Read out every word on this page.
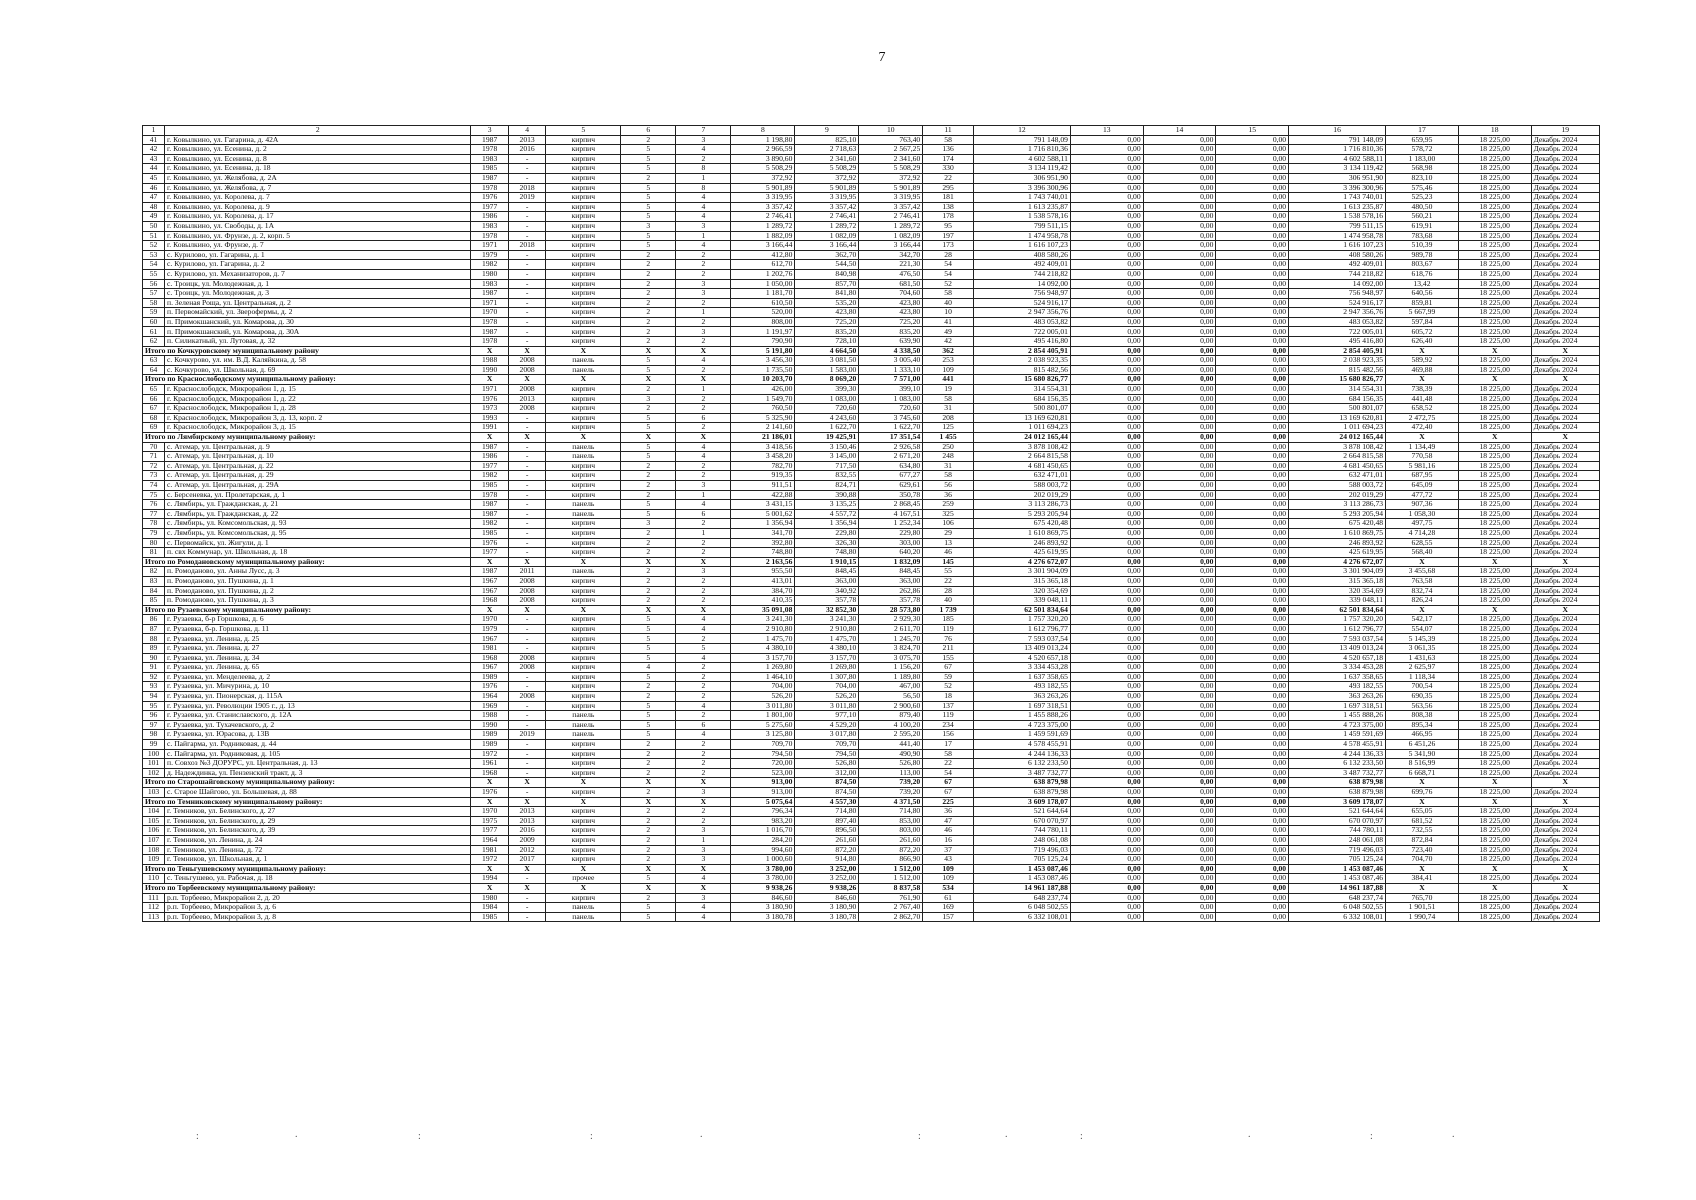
7
1	2	3	4	5	6	7	8	9	10	11	12	13	14	15	16	17	18	19
41	г. Ковылкино, ул. Гагарина, д. 42А	1987	2013	кирпич	2	3	1 198,80	825,10	763,40	58	791 148,09	0,00	0,00	0,00	791 148,09	659,95	18 225,00	Декабрь 2024
42	г. Ковылкино, ул. Есенина, д. 2	1978	2016	кирпич	5	4	2 966,59	2 718,63	2 567,25	136	1 716 810,36	0,00	0,00	0,00	1 716 810,36	578,72	18 225,00	Декабрь 2024
43	г. Ковылкино, ул. Есенина, д. 8	1983	-	кирпич	5	2	3 890,60	2 341,60	2 341,60	174	4 602 588,11	0,00	0,00	0,00	4 602 588,11	1 183,00	18 225,00	Декабрь 2024
44	г. Ковылкино, ул. Есенина, д. 18	1985	-	кирпич	5	8	5 508,29	5 508,29	5 508,29	330	3 134 119,42	0,00	0,00	0,00	3 134 119,42	568,98	18 225,00	Декабрь 2024
45	г. Ковылкино, ул. Желябова, д. 2А	1987	-	кирпич	2	1	372,92	372,92	372,92	22	306 951,90	0,00	0,00	0,00	306 951,90	823,10	18 225,00	Декабрь 2024
46	г. Ковылкино, ул. Желябова, д. 7	1978	2018	кирпич	5	8	5 901,89	5 901,89	5 901,89	295	3 396 300,96	0,00	0,00	0,00	3 396 300,96	575,46	18 225,00	Декабрь 2024
47	г. Ковылкино, ул. Королева, д. 7	1976	2019	кирпич	5	4	3 319,95	3 319,95	3 319,95	181	1 743 740,01	0,00	0,00	0,00	1 743 740,01	525,23	18 225,00	Декабрь 2024
48	г. Ковылкино, ул. Королева, д. 9	1977	-	кирпич	5	4	3 357,42	3 357,42	3 357,42	138	1 613 235,87	0,00	0,00	0,00	1 613 235,87	480,50	18 225,00	Декабрь 2024
49	г. Ковылкино, ул. Королева, д. 17	1986	-	кирпич	5	4	2 746,41	2 746,41	2 746,41	178	1 538 578,16	0,00	0,00	0,00	1 538 578,16	560,21	18 225,00	Декабрь 2024
50	г. Ковылкино, ул. Свободы, д. 1А	1983	-	кирпич	3	3	1 289,72	1 289,72	1 289,72	95	799 511,15	0,00	0,00	0,00	799 511,15	619,91	18 225,00	Декабрь 2024
51	г. Ковылкино, ул. Фрунзе, д. 2, корп. 5	1978	-	кирпич	5	1	1 882,09	1 082,09	1 082,09	197	1 474 958,78	0,00	0,00	0,00	1 474 958,78	783,68	18 225,00	Декабрь 2024
52	г. Ковылкино, ул. Фрунзе, д. 7	1971	2018	кирпич	5	4	3 166,44	3 166,44	3 166,44	173	1 616 107,23	0,00	0,00	0,00	1 616 107,23	510,39	18 225,00	Декабрь 2024
53	с. Курилово, ул. Гагарина, д. 1	1979	-	кирпич	2	2	412,80	362,70	342,70	28	408 580,26	0,00	0,00	0,00	408 580,26	989,78	18 225,00	Декабрь 2024
54	с. Курилово, ул. Гагарина, д. 2	1982	-	кирпич	2	2	612,70	544,50	221,30	54	492 409,01	0,00	0,00	0,00	492 409,01	803,67	18 225,00	Декабрь 2024
55	с. Курилово, ул. Механизаторов, д. 7	1980	-	кирпич	2	2	1 202,76	840,98	476,50	54	744 218,82	0,00	0,00	0,00	744 218,82	618,76	18 225,00	Декабрь 2024
56	с. Троицк, ул. Молодежная, д. 1	1983	-	кирпич	2	3	1 050,00	857,70	681,50	52	14 092,00	0,00	0,00	0,00	14 092,00	13,42	18 225,00	Декабрь 2024
57	с. Троицк, ул. Молодежная, д. 3	1987	-	кирпич	2	3	1 181,70	841,80	704,60	58	756 948,97	0,00	0,00	0,00	756 948,97	640,56	18 225,00	Декабрь 2024
58	п. Зеленая Роща, ул. Центральная, д. 2	1971	-	кирпич	2	2	610,50	535,20	423,80	40	524 916,17	0,00	0,00	0,00	524 916,17	859,81	18 225,00	Декабрь 2024
59	п. Первомайский, ул. Зверофермы, д. 2	1970	-	кирпич	2	1	520,00	423,80	423,80	10	2 947 356,76	0,00	0,00	0,00	2 947 356,76	5 667,99	18 225,00	Декабрь 2024
60	п. Примокшанский, ул. Комарова, д. 30	1978	-	кирпич	2	2	808,00	725,20	725,20	41	483 053,82	0,00	0,00	0,00	483 053,82	597,84	18 225,00	Декабрь 2024
61	п. Примокшанский, ул. Комарова, д. 30А	1987	-	кирпич	2	3	1 191,97	835,20	835,20	49	722 005,01	0,00	0,00	0,00	722 005,01	605,72	18 225,00	Декабрь 2024
62	п. Силикатный, ул. Лутовая, д. 32	1978	-	кирпич	2	2	790,90	728,10	639,90	42	495 416,80	0,00	0,00	0,00	495 416,80	626,40	18 225,00	Декабрь 2024
Итого по Кочкуровскому муниципальному району		X	X	X	X	X	5 191,80	4 664,50	4 338,50	362	2 854 405,91	0,00	0,00	0,00	2 854 405,91	X	X	X
63	с. Кочкурово, ул. им. В.Д. Каляйкина, д. 58	1988	2008	панель	5	4	3 456,30	3 081,50	3 005,40	253	2 038 923,35	0,00	0,00	0,00	2 038 923,35	589,92	18 225,00	Декабрь 2024
64	с. Кочкурово, ул. Школьная, д. 69	1990	2008	панель	5	2	1 735,50	1 583,00	1 333,10	109	815 482,56	0,00	0,00	0,00	815 482,56	469,88	18 225,00	Декабрь 2024
Итого по Краснослободскому муниципальному району:		X	X	X	X	X	10 203,70	8 069,20	7 571,00	441	15 680 826,77	0,00	0,00	0,00	15 680 826,77	X	X	X
65	г. Краснослободск, Микрорайон 1, д. 15	1971	2008	кирпич	2	1	426,00	399,30	399,10	19	314 554,31	0,00	0,00	0,00	314 554,31	738,39	18 225,00	Декабрь 2024
66	г. Краснослободск, Микрорайон 1, д. 22	1976	2013	кирпич	3	2	1 549,70	1 083,00	1 083,00	58	684 156,35	0,00	0,00	0,00	684 156,35	441,48	18 225,00	Декабрь 2024
67	г. Краснослободск, Микрорайон 1, д. 28	1973	2008	кирпич	2	2	760,50	720,60	720,60	31	500 801,07	0,00	0,00	0,00	500 801,07	658,52	18 225,00	Декабрь 2024
68	г. Краснослободск, Микрорайон 3, д. 13, корп. 2	1993	-	кирпич	5	6	5 325,90	4 243,60	3 745,60	208	13 169 620,81	0,00	0,00	0,00	13 169 620,81	2 472,75	18 225,00	Декабрь 2024
69	г. Краснослободск, Микрорайон 3, д. 15	1991	-	кирпич	5	2	2 141,60	1 622,70	1 622,70	125	1 011 694,23	0,00	0,00	0,00	1 011 694,23	472,40	18 225,00	Декабрь 2024
Итого по Лямбирскому муниципальному району:		X	X	X	X	X	21 186,01	19 425,91	17 351,54	1 455	24 012 165,44	0,00	0,00	0,00	24 012 165,44	X	X	X
70	с. Атемар, ул. Центральная, д. 9	1987	-	панель	5	4	3 418,56	3 150,46	2 926,58	250	3 878 108,42	0,00	0,00	0,00	3 878 108,42	1 134,49	18 225,00	Декабрь 2024
71	с. Атемар, ул. Центральная, д. 10	1986	-	панель	5	4	3 458,20	3 145,00	2 671,20	248	2 664 815,58	0,00	0,00	0,00	2 664 815,58	770,58	18 225,00	Декабрь 2024
72	с. Атемар, ул. Центральная, д. 22	1977	-	кирпич	2	2	782,70	717,50	634,80	31	4 681 450,65	0,00	0,00	0,00	4 681 450,65	5 981,16	18 225,00	Декабрь 2024
73	с. Атемар, ул. Центральная, д. 29	1982	-	кирпич	2	2	919,35	832,55	677,27	58	632 471,01	0,00	0,00	0,00	632 471,01	687,95	18 225,00	Декабрь 2024
74	с. Атемар, ул. Центральная, д. 29А	1985	-	кирпич	2	3	911,51	824,71	629,61	56	588 003,72	0,00	0,00	0,00	588 003,72	645,09	18 225,00	Декабрь 2024
75	с. Берсеневка, ул. Пролетарская, д. 1	1978	-	кирпич	2	1	422,88	390,88	350,78	36	202 019,29	0,00	0,00	0,00	202 019,29	477,72	18 225,00	Декабрь 2024
76	с. Лямбирь, ул. Гражданская, д. 21	1987	-	панель	5	4	3 431,15	3 135,25	2 868,45	259	3 113 286,73	0,00	0,00	0,00	3 113 286,73	907,36	18 225,00	Декабрь 2024
77	с. Лямбирь, ул. Гражданская, д. 22	1987	-	панель	5	6	5 001,62	4 557,72	4 167,51	325	5 293 205,94	0,00	0,00	0,00	5 293 205,94	1 058,30	18 225,00	Декабрь 2024
78	с. Лямбирь, ул. Комсомольская, д. 93	1982	-	кирпич	3	2	1 356,94	1 356,94	1 252,34	106	675 420,48	0,00	0,00	0,00	675 420,48	497,75	18 225,00	Декабрь 2024
79	с. Лямбирь, ул. Комсомольская, д. 95	1985	-	кирпич	2	1	341,70	229,80	229,80	29	1 610 869,75	0,00	0,00	0,00	1 610 869,75	4 714,28	18 225,00	Декабрь 2024
80	с. Первомайск, ул. Жигули, д. 1	1976	-	кирпич	2	2	392,80	326,30	303,00	13	246 893,92	0,00	0,00	0,00	246 893,92	628,55	18 225,00	Декабрь 2024
81	п. свх Коммунар, ул. Школьная, д. 18	1977	-	кирпич	2	2	748,80	748,80	640,20	46	425 619,95	0,00	0,00	0,00	425 619,95	568,40	18 225,00	Декабрь 2024
Итого по Ромодановскому муниципальному району:		X	X	X	X	X	2 163,56	1 910,15	1 832,09	145	4 276 672,07	0,00	0,00	0,00	4 276 672,07	X	X	X
82	п. Ромоданово, ул. Анны Лусс, д. 3	1987	2011	панель	2	3	955,50	848,45	848,45	55	3 301 904,09	0,00	0,00	0,00	3 301 904,09	3 455,68	18 225,00	Декабрь 2024
83	п. Ромоданово, ул. Пушкина, д. 1	1967	2008	кирпич	2	2	413,01	363,00	363,00	22	315 365,18	0,00	0,00	0,00	315 365,18	763,58	18 225,00	Декабрь 2024
84	п. Ромоданово, ул. Пушкина, д. 2	1967	2008	кирпич	2	2	384,70	340,92	262,86	28	320 354,69	0,00	0,00	0,00	320 354,69	832,74	18 225,00	Декабрь 2024
85	п. Ромоданово, ул. Пушкина, д. 3	1968	2008	кирпич	2	2	410,35	357,78	357,78	40	339 048,11	0,00	0,00	0,00	339 048,11	826,24	18 225,00	Декабрь 2024
Итого по Рузаевскому муниципальному району:		X	X	X	X	X	35 091,08	32 852,30	28 573,80	1 739	62 501 834,64	0,00	0,00	0,00	62 501 834,64	X	X	X
86	г. Рузаевка, б-р Горшкова, д. 6	1970	-	кирпич	5	4	3 241,30	3 241,30	2 929,30	185	1 757 320,20	0,00	0,00	0,00	1 757 320,20	542,17	18 225,00	Декабрь 2024
87	г. Рузаевка, б-р. Горшкова, д. 11	1979	-	кирпич	5	4	2 910,80	2 910,80	2 611,70	119	1 612 796,77	0,00	0,00	0,00	1 612 796,77	554,07	18 225,00	Декабрь 2024
88	г. Рузаевка, ул. Ленина, д. 25	1967	-	кирпич	5	2	1 475,70	1 475,70	1 245,70	76	7 593 037,54	0,00	0,00	0,00	7 593 037,54	5 145,39	18 225,00	Декабрь 2024
89	г. Рузаевка, ул. Ленина, д. 27	1981	-	кирпич	5	5	4 380,10	4 380,10	3 824,70	211	13 409 013,24	0,00	0,00	0,00	13 409 013,24	3 061,35	18 225,00	Декабрь 2024
90	г. Рузаевка, ул. Ленина, д. 34	1968	2008	кирпич	5	4	3 157,70	3 157,70	3 075,70	155	4 520 657,18	0,00	0,00	0,00	4 520 657,18	1 431,63	18 225,00	Декабрь 2024
91	г. Рузаевка, ул. Ленина, д. 65	1967	2008	кирпич	4	2	1 269,80	1 269,80	1 156,20	67	3 334 453,28	0,00	0,00	0,00	3 334 453,28	2 625,97	18 225,00	Декабрь 2024
92	г. Рузаевка, ул. Менделеева, д. 2	1989	-	кирпич	5	2	1 464,10	1 307,80	1 189,80	59	1 637 358,65	0,00	0,00	0,00	1 637 358,65	1 118,34	18 225,00	Декабрь 2024
93	г. Рузаевка, ул. Мичурина, д. 10	1976	-	кирпич	2	2	704,00	704,00	467,00	52	493 182,55	0,00	0,00	0,00	493 182,55	700,54	18 225,00	Декабрь 2024
94	г. Рузаевка, ул. Пионерская, д. 115А	1964	2008	кирпич	2	2	526,20	526,20	56,50	18	363 263,26	0,00	0,00	0,00	363 263,26	690,35	18 225,00	Декабрь 2024
95	г. Рузаевка, ул. Революции 1905 г., д. 13	1969	-	кирпич	5	4	3 011,80	3 011,80	2 900,60	137	1 697 318,51	0,00	0,00	0,00	1 697 318,51	563,56	18 225,00	Декабрь 2024
96	г. Рузаевка, ул. Станиславского, д. 12А	1988	-	панель	5	2	1 801,00	977,10	879,40	119	1 455 888,26	0,00	0,00	0,00	1 455 888,26	808,38	18 225,00	Декабрь 2024
97	г. Рузаевка, ул. Тухачевского, д. 2	1990	-	панель	5	6	5 275,60	4 529,20	4 100,20	234	4 723 375,00	0,00	0,00	0,00	4 723 375,00	895,34	18 225,00	Декабрь 2024
98	г. Рузаевка, ул. Юрасова, д. 13В	1989	2019	панель	5	4	3 125,80	3 017,80	2 595,20	156	1 459 591,69	0,00	0,00	0,00	1 459 591,69	466,95	18 225,00	Декабрь 2024
99	с. Пайгарма, ул. Родниковая, д. 44	1989	-	кирпич	2	2	709,70	709,70	441,40	17	4 578 455,91	0,00	0,00	0,00	4 578 455,91	6 451,26	18 225,00	Декабрь 2024
100	с. Пайгарма, ул. Родниковая, д. 105	1972	-	кирпич	2	2	794,50	794,50	490,90	58	4 244 136,33	0,00	0,00	0,00	4 244 136,33	5 341,90	18 225,00	Декабрь 2024
101	п. Совхоз №3 ДОРУРС, ул. Центральная, д. 13	1961	-	кирпич	2	2	720,00	526,80	526,80	22	6 132 233,50	0,00	0,00	0,00	6 132 233,50	8 516,99	18 225,00	Декабрь 2024
102	д. Надеждинка, ул. Пензенский тракт, д. 3	1968	-	кирпич	2	2	523,00	312,00	113,00	54	3 487 732,77	0,00	0,00	0,00	3 487 732,77	6 668,71	18 225,00	Декабрь 2024
Итого по Старошайговскому муниципальному району:		X	X	X	X	X	913,00	874,50	739,20	67	638 879,98	0,00	0,00	0,00	638 879,98	X	X	X
103	с. Старое Шайгово, ул. Большевая, д. 88	1976	-	кирпич	2	3	913,00	874,50	739,20	67	638 879,98	0,00	0,00	0,00	638 879,98	699,76	18 225,00	Декабрь 2024
Итого по Темниковскому муниципальному району:		X	X	X	X	X	5 075,64	4 557,30	4 371,50	225	3 609 178,07	0,00	0,00	0,00	3 609 178,07	X	X	X
104	г. Темников, ул. Белинского, д. 27	1970	2013	кирпич	2	2	796,34	714,80	714,80	36	521 644,64	0,00	0,00	0,00	521 644,64	655,05	18 225,00	Декабрь 2024
105	г. Темников, ул. Белинского, д. 29	1975	2013	кирпич	2	2	983,20	897,40	853,00	47	670 070,97	0,00	0,00	0,00	670 070,97	681,52	18 225,00	Декабрь 2024
106	г. Темников, ул. Белинского, д. 39	1977	2016	кирпич	2	3	1 016,70	896,50	803,00	46	744 780,11	0,00	0,00	0,00	744 780,11	732,55	18 225,00	Декабрь 2024
107	г. Темников, ул. Ленина, д. 24	1964	2009	кирпич	2	1	284,20	261,60	261,60	16	248 061,08	0,00	0,00	0,00	248 061,08	872,84	18 225,00	Декабрь 2024
108	г. Темников, ул. Ленина, д. 72	1981	2012	кирпич	2	3	994,60	872,20	872,20	37	719 496,03	0,00	0,00	0,00	719 496,03	723,40	18 225,00	Декабрь 2024
109	г. Темников, ул. Школьная, д. 1	1972	2017	кирпич	2	3	1 000,60	914,80	866,90	43	705 125,24	0,00	0,00	0,00	705 125,24	704,70	18 225,00	Декабрь 2024
Итого по Теньгушевскому муниципальному району:		X	X	X	X	X	3 780,00	3 252,00	1 512,00	109	1 453 087,46	0,00	0,00	0,00	1 453 087,46	X	X	X
110	с. Теньгушево, ул. Рабочая, д. 18	1994	-	прочее	5	4	3 780,00	3 252,00	1 512,00	109	1 453 087,46	0,00	0,00	0,00	1 453 087,46	384,41	18 225,00	Декабрь 2024
Итого по Торбеевскому муниципальному району:		X	X	X	X	X	9 938,26	9 938,26	8 837,58	534	14 961 187,88	0,00	0,00	0,00	14 961 187,88	X	X	X
111	р.п. Торбеево, Микрорайон 2, д. 20	1980	-	кирпич	2	3	846,60	846,60	761,90	61	648 237,74	0,00	0,00	0,00	648 237,74	765,70	18 225,00	Декабрь 2024
112	р.п. Торбеево, Микрорайон 3, д. 6	1984	-	панель	5	4	3 180,90	3 180,90	2 767,40	169	6 048 502,55	0,00	0,00	0,00	6 048 502,55	1 901,51	18 225,00	Декабрь 2024
113	р.п. Торбеево, Микрорайон 3, д. 8	1985	-	панель	5	4	3 180,78	3 180,78	2 862,70	157	6 332 108,01	0,00	0,00	0,00	6 332 108,01	1 990,74	18 225,00	Декабрь 2024
:	.	:	:	.	:	.	:	.	:	.
